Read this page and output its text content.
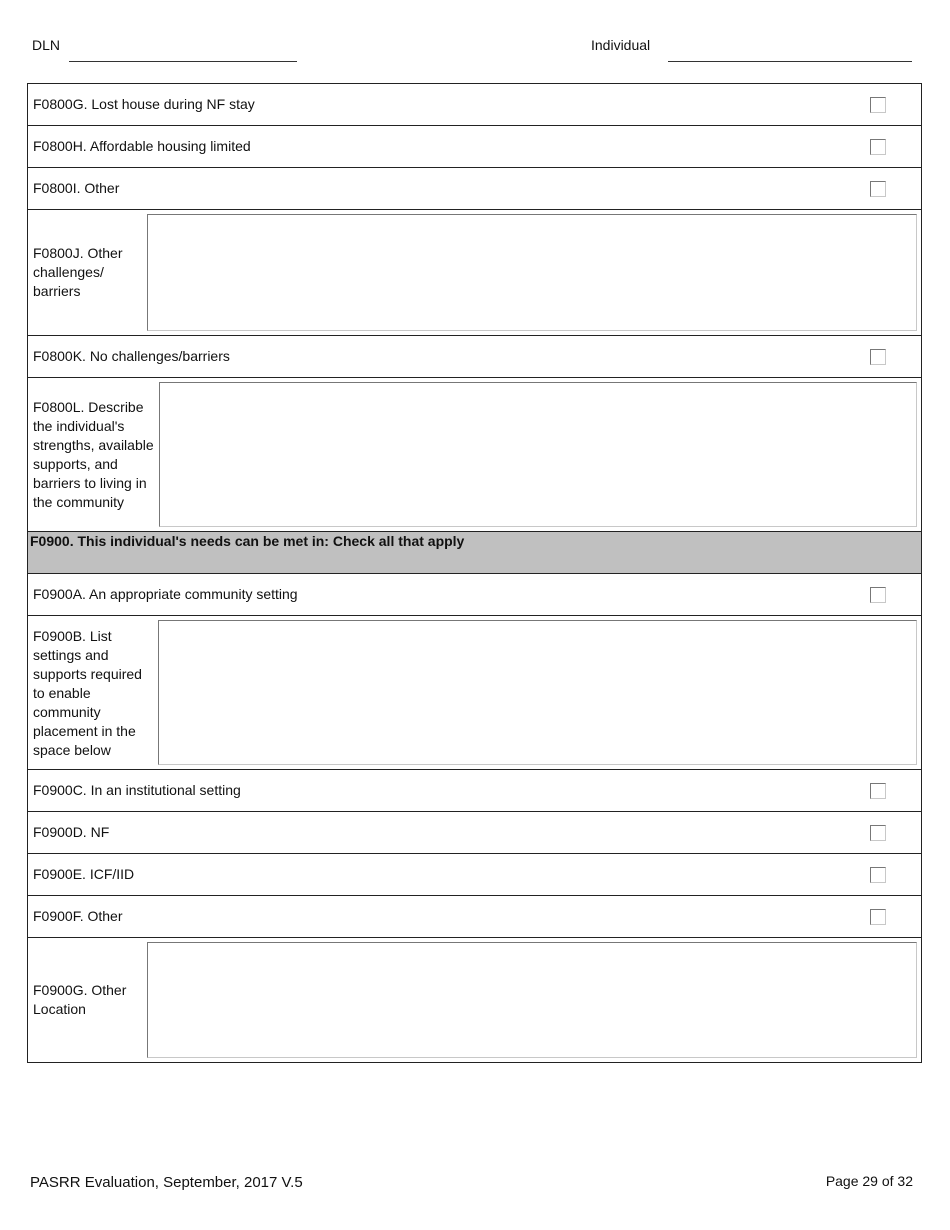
DLN	Individual
F0800G. Lost house during NF stay
F0800H. Affordable housing limited
F0800I. Other
F0800J. Other
challenges/
barriers
F0800K. No challenges/barriers
F0800L. Describe
the individual's
strengths, available
supports, and
barriers to living in
the community
F0900. This individual's needs can be met in: Check all that apply
F0900A. An appropriate community setting
F0900B. List
settings and
supports required
to enable
community
placement in the
space below
F0900C. In an institutional setting
F0900D. NF
F0900E. ICF/IID
F0900F. Other
F0900G. Other
Location
PASRR Evaluation, September, 2017 V.5	Page 29 of 32
